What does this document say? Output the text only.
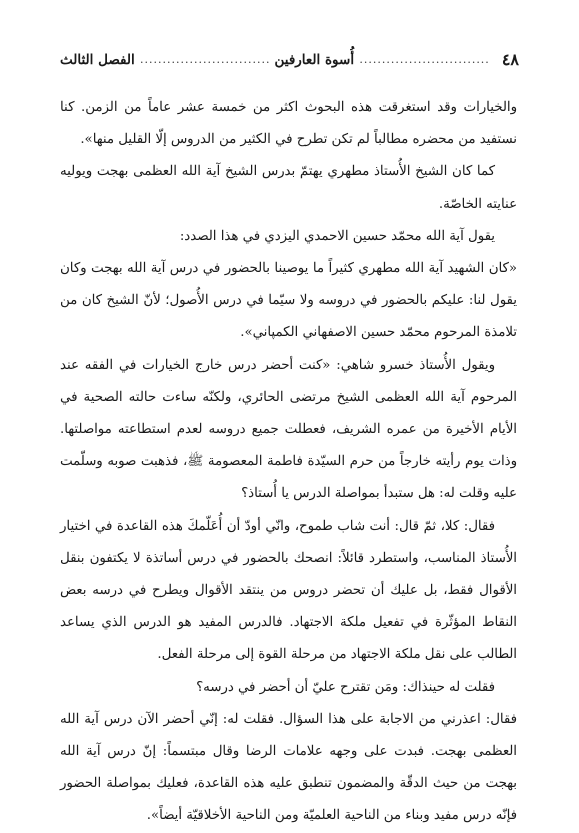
٤٨
.....
أُسوة العارفين
.....
الفصل الثالث

والخيارات وقد استغرقت هذه البحوث اكثر من خمسة عشر عاماً من الزمن. كنا نستفيد من محضره مطالباً لم تكن تطرح في الكثير من الدروس إلّا القليل منها».

كما كان الشيخ الأُستاذ مطهري يهتمّ بدرس الشيخ آية الله العظمى بهجت ويوليه عنايته الخاصّة.

يقول آية الله محمّد حسين الاحمدي اليزدي في هذا الصدد:

«كان الشهيد آية الله مطهري كثيراً ما يوصينا بالحضور في درس آية الله بهجت وكان يقول لنا: عليكم بالحضور في دروسه ولا سيّما في درس الأُصول؛ لأنّ الشيخ كان من تلامذة المرحوم محمّد حسين الاصفهاني الكمپاني».

ويقول الأُستاذ خسرو شاهي: «كنت أحضر درس خارج الخيارات في الفقه عند المرحوم آية الله العظمى الشيخ مرتضى الحائري، ولكنّه ساءت حالته الصحية في الأيام الأخيرة من عمره الشريف، فعطلت جميع دروسه لعدم استطاعته مواصلتها. وذات يوم رأيته خارجاً من حرم السيّدة فاطمة المعصومة ﷺ، فذهبت صوبه وسلّمت عليه وقلت له: هل ستبدأ بمواصلة الدرس يا أُستاذ؟

فقال: كلا، ثمّ قال: أنت شاب طموح، وانّي أودّ أن أُعَلّمكَ هذه القاعدة في اختيار الأُستاذ المناسب، واستطرد قائلاً: انصحك بالحضور في درس أساتذة لا يكتفون بنقل الأقوال فقط، بل عليك أن تحضر دروس من ينتقد الأقوال ويطرح في درسه بعض النقاط المؤثّرة في تفعيل ملكة الاجتهاد. فالدرس المفيد هو الدرس الذي يساعد الطالب على نقل ملكة الاجتهاد من مرحلة القوة إلى مرحلة الفعل.

فقلت له حينذاك: ومَن تقترح عليّ أن أحضر في درسه؟

فقال: اعذرني من الاجابة على هذا السؤال. فقلت له: إنّي أحضر الآن درس آية الله العظمى بهجت. فبدت على وجهه علامات الرضا وقال مبتسماً: إنّ درس آية الله بهجت من حيث الدقّة والمضمون تنطبق عليه هذه القاعدة، فعليك بمواصلة الحضور فإنّه درس مفيد وبناء من الناحية العلميّة ومن الناحية الأخلاقيّة أيضاً».
